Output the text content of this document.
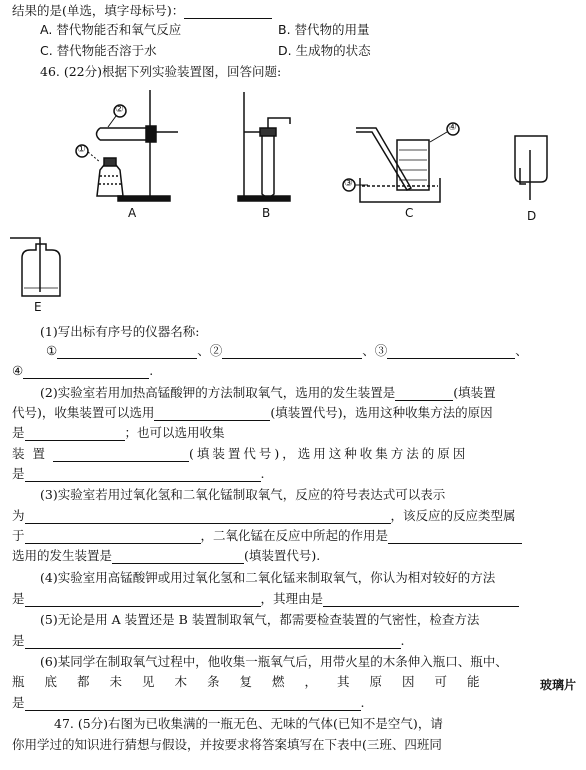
结果的是(单选，填字母标号)：
A. 替代物能否和氧气反应	B. 替代物的用量
C. 替代物能否溶于水	D. 生成物的状态
46. (22分)根据下列实验装置图，回答问题:
②
①
④
③
A	B	C	D
E
(1)写出标有序号的仪器名称:
①	、②	、③	、
④	.
(2)实验室若用加热高锰酸钾的方法制取氧气，选用的发生装置是	(填装置
代号)，收集装置可以选用	(填装置代号)，选用这种收集方法的原因
是	；也可以选用收集
装置	(填装置代号)，选用这种收集方法的原因
是	.
(3)实验室若用过氧化氢和二氧化锰制取氧气，反应的符号表达式可以表示
为	，该反应的反应类型属
于	，二氧化锰在反应中所起的作用是
选用的发生装置是	(填装置代号).
(4)实验室用高锰酸钾或用过氧化氢和二氧化锰来制取氧气，你认为相对较好的方法
是	，其理由是
(5)无论是用 A 装置还是 B 装置制取氧气，都需要检查装置的气密性，检查方法
是	.
(6)某同学在制取氧气过程中，他收集一瓶氧气后，用带火星的木条伸入瓶口、瓶中、
瓶底都未见木条复燃，其原因可能
是	.
47. (5分)右图为已收集满的一瓶无色、无味的气体(已知不是空气)，请
你用学过的知识进行猜想与假设，并按要求将答案填写在下表中(三班、四班同
玻璃片
